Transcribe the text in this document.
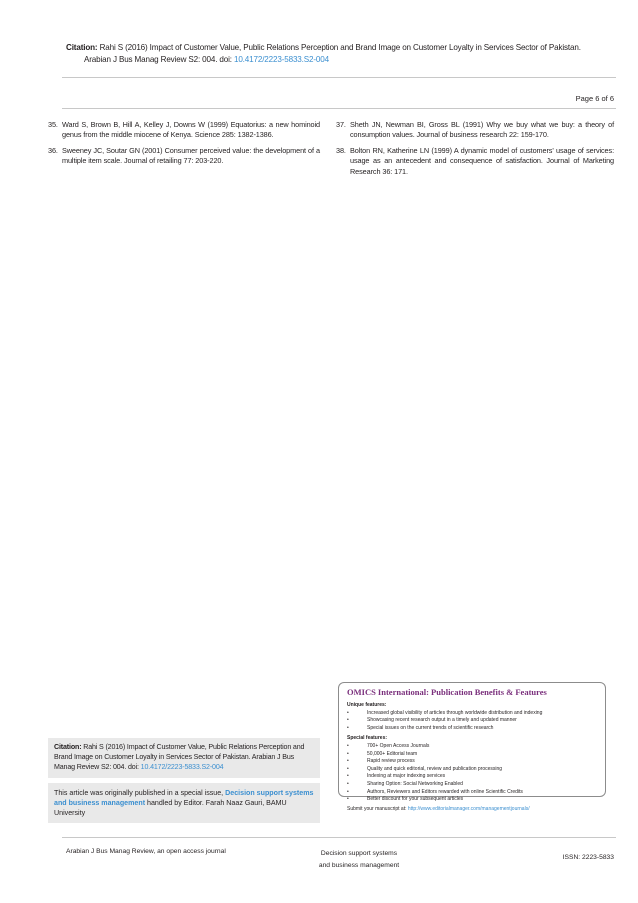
Citation: Rahi S (2016) Impact of Customer Value, Public Relations Perception and Brand Image on Customer Loyalty in Services Sector of Pakistan.
Arabian J Bus Manag Review S2: 004. doi: 10.4172/2223-5833.S2-004
Page 6 of 6
35. Ward S, Brown B, Hill A, Kelley J, Downs W (1999) Equatorius: a new hominoid genus from the middle miocene of Kenya. Science 285: 1382-1386.
36. Sweeney JC, Soutar GN (2001) Consumer perceived value: the development of a multiple item scale. Journal of retailing 77: 203-220.
37. Sheth JN, Newman BI, Gross BL (1991) Why we buy what we buy: a theory of consumption values. Journal of business research 22: 159-170.
38. Bolton RN, Katherine LN (1999) A dynamic model of customers' usage of services: usage as an antecedent and consequence of satisfaction. Journal of Marketing Research 36: 171.
OMICS International: Publication Benefits & Features
Unique features:
•	Increased global visibility of articles through worldwide distribution and indexing
•	Showcasing recent research output in a timely and updated manner
•	Special issues on the current trends of scientific research
Special features:
•	700+ Open Access Journals
•	50,000+ Editorial team
•	Rapid review process
•	Quality and quick editorial, review and publication processing
•	Indexing at major indexing services
•	Sharing Option: Social Networking Enabled
•	Authors, Reviewers and Editors rewarded with online Scientific Credits
•	Better discount for your subsequent articles
Submit your manuscript at: http://www.editorialmanager.com/managementjournals/
Citation: Rahi S (2016) Impact of Customer Value, Public Relations Perception and Brand Image on Customer Loyalty in Services Sector of Pakistan. Arabian J Bus Manag Review S2: 004. doi: 10.4172/2223-5833.S2-004
This article was originally published in a special issue, Decision support systems and business management handled by Editor. Farah Naaz Gauri, BAMU University
Arabian J Bus Manag Review, an open access journal	Decision support systems
and business management
ISSN: 2223-5833
